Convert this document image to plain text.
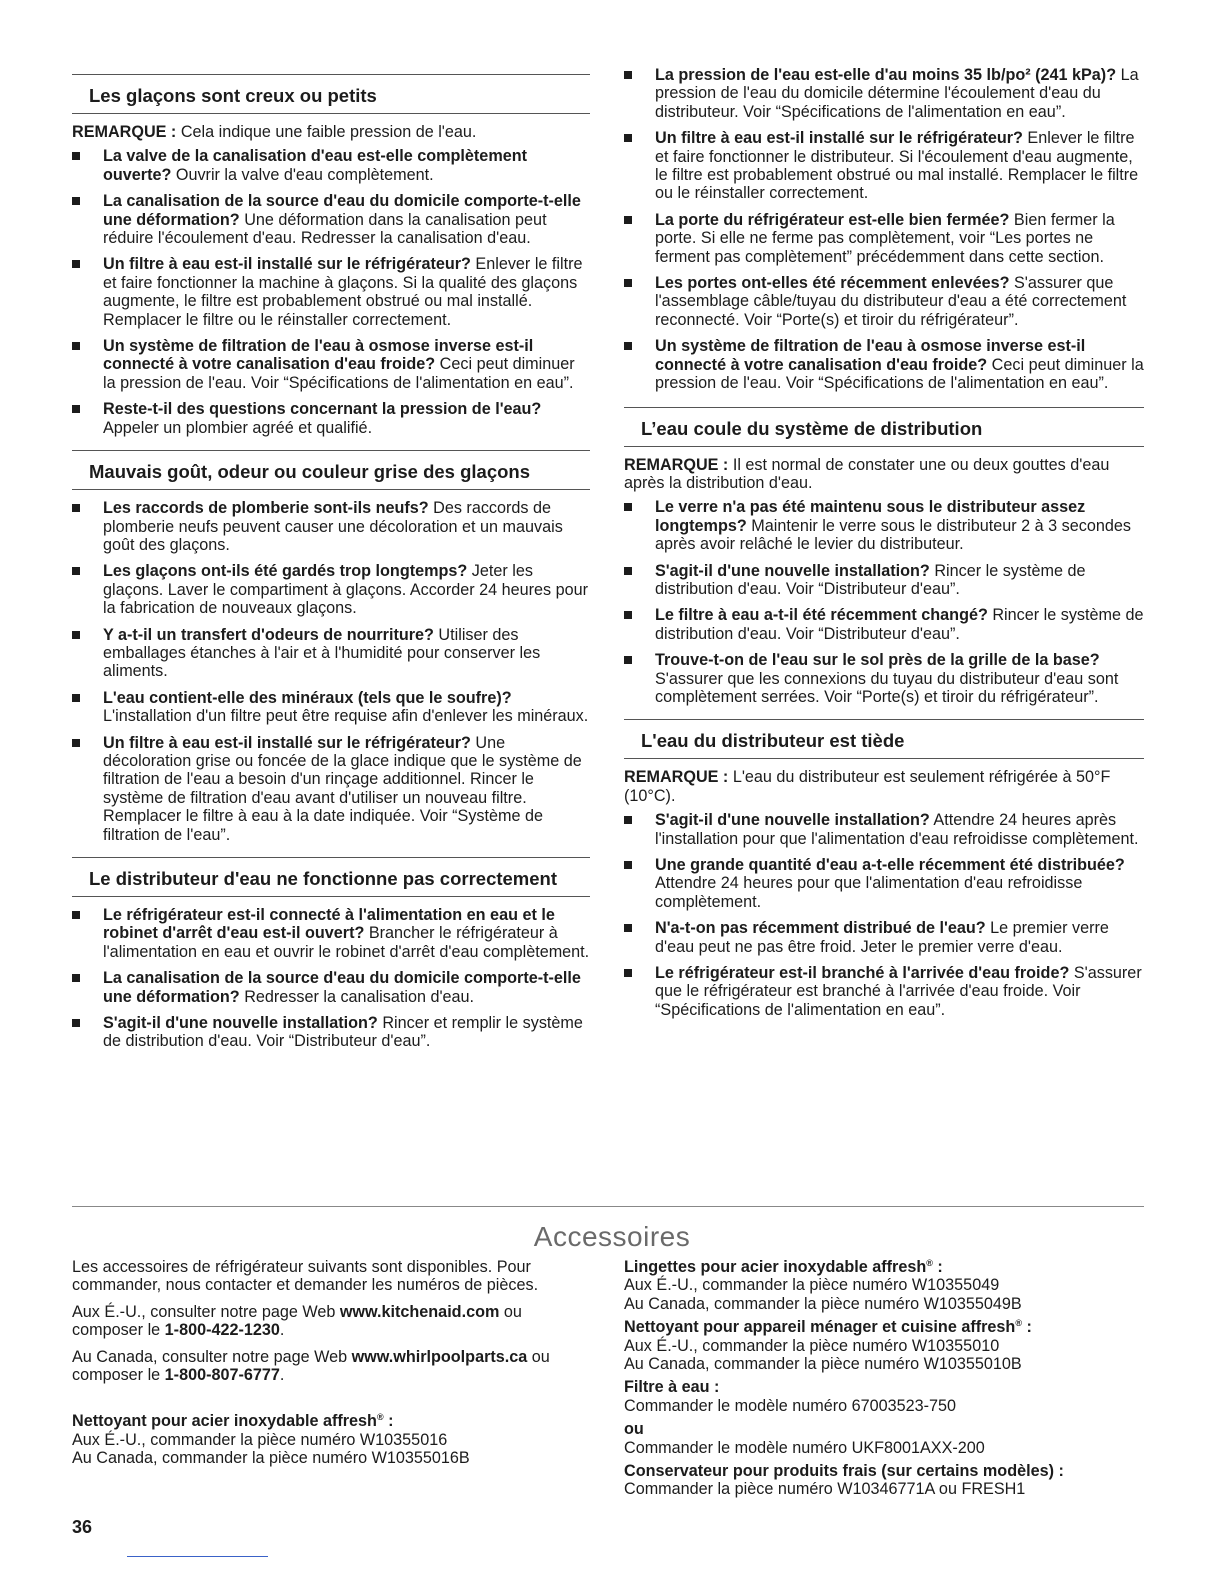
Les glaçons sont creux ou petits

REMARQUE : Cela indique une faible pression de l'eau.

La valve de la canalisation d'eau est-elle complètement ouverte? Ouvrir la valve d'eau complètement.
La canalisation de la source d'eau du domicile comporte-t-elle une déformation? Une déformation dans la canalisation peut réduire l'écoulement d'eau. Redresser la canalisation d'eau.
Un filtre à eau est-il installé sur le réfrigérateur? Enlever le filtre et faire fonctionner la machine à glaçons. Si la qualité des glaçons augmente, le filtre est probablement obstrué ou mal installé. Remplacer le filtre ou le réinstaller correctement.
Un système de filtration de l'eau à osmose inverse est-il connecté à votre canalisation d'eau froide? Ceci peut diminuer la pression de l'eau. Voir “Spécifications de l'alimentation en eau”.
Reste-t-il des questions concernant la pression de l'eau? Appeler un plombier agréé et qualifié.
Mauvais goût, odeur ou couleur grise des glaçons
Les raccords de plomberie sont-ils neufs? Des raccords de plomberie neufs peuvent causer une décoloration et un mauvais goût des glaçons.
Les glaçons ont-ils été gardés trop longtemps? Jeter les glaçons. Laver le compartiment à glaçons. Accorder 24 heures pour la fabrication de nouveaux glaçons.
Y a-t-il un transfert d'odeurs de nourriture? Utiliser des emballages étanches à l'air et à l'humidité pour conserver les aliments.
L'eau contient-elle des minéraux (tels que le soufre)? L'installation d'un filtre peut être requise afin d'enlever les minéraux.
Un filtre à eau est-il installé sur le réfrigérateur? Une décoloration grise ou foncée de la glace indique que le système de filtration de l'eau a besoin d'un rinçage additionnel. Rincer le système de filtration d'eau avant d'utiliser un nouveau filtre. Remplacer le filtre à eau à la date indiquée. Voir “Système de filtration de l'eau”.
Le distributeur d'eau ne fonctionne pas correctement
Le réfrigérateur est-il connecté à l'alimentation en eau et le robinet d'arrêt d'eau est-il ouvert? Brancher le réfrigérateur à l'alimentation en eau et ouvrir le robinet d'arrêt d'eau complètement.
La canalisation de la source d'eau du domicile comporte-t-elle une déformation? Redresser la canalisation d'eau.
S'agit-il d'une nouvelle installation? Rincer et remplir le système de distribution d'eau. Voir “Distributeur d'eau”.
La pression de l'eau est-elle d'au moins 35 lb/po² (241 kPa)? La pression de l'eau du domicile détermine l'écoulement d'eau du distributeur. Voir “Spécifications de l'alimentation en eau”.
Un filtre à eau est-il installé sur le réfrigérateur? Enlever le filtre et faire fonctionner le distributeur. Si l'écoulement d'eau augmente, le filtre est probablement obstrué ou mal installé. Remplacer le filtre ou le réinstaller correctement.
La porte du réfrigérateur est-elle bien fermée? Bien fermer la porte. Si elle ne ferme pas complètement, voir “Les portes ne ferment pas complètement” précédemment dans cette section.
Les portes ont-elles été récemment enlevées? S'assurer que l'assemblage câble/tuyau du distributeur d'eau a été correctement reconnecté. Voir “Porte(s) et tiroir du réfrigérateur”.
Un système de filtration de l'eau à osmose inverse est-il connecté à votre canalisation d'eau froide? Ceci peut diminuer la pression de l'eau. Voir “Spécifications de l'alimentation en eau”.
L’eau coule du système de distribution

REMARQUE : Il est normal de constater une ou deux gouttes d'eau après la distribution d'eau.

Le verre n'a pas été maintenu sous le distributeur assez longtemps? Maintenir le verre sous le distributeur 2 à 3 secondes après avoir relâché le levier du distributeur.
S'agit-il d'une nouvelle installation? Rincer le système de distribution d'eau. Voir “Distributeur d'eau”.
Le filtre à eau a-t-il été récemment changé? Rincer le système de distribution d'eau. Voir “Distributeur d'eau”.
Trouve-t-on de l'eau sur le sol près de la grille de la base? S'assurer que les connexions du tuyau du distributeur d'eau sont complètement serrées. Voir “Porte(s) et tiroir du réfrigérateur”.
L'eau du distributeur est tiède

REMARQUE : L'eau du distributeur est seulement réfrigérée à 50°F (10°C).

S'agit-il d'une nouvelle installation? Attendre 24 heures après l'installation pour que l'alimentation d'eau refroidisse complètement.
Une grande quantité d'eau a-t-elle récemment été distribuée? Attendre 24 heures pour que l'alimentation d'eau refroidisse complètement.
N'a-t-on pas récemment distribué de l'eau? Le premier verre d'eau peut ne pas être froid. Jeter le premier verre d'eau.
Le réfrigérateur est-il branché à l'arrivée d'eau froide? S'assurer que le réfrigérateur est branché à l'arrivée d'eau froide. Voir “Spécifications de l'alimentation en eau”.
Accessoires

Les accessoires de réfrigérateur suivants sont disponibles. Pour commander, nous contacter et demander les numéros de pièces.

Aux É.-U., consulter notre page Web www.kitchenaid.com ou composer le 1-800-422-1230.

Au Canada, consulter notre page Web www.whirlpoolparts.ca ou composer le 1-800-807-6777.

Nettoyant pour acier inoxydable affresh® :
Aux É.-U., commander la pièce numéro W10355016
Au Canada, commander la pièce numéro W10355016B
Lingettes pour acier inoxydable affresh® :
Aux É.-U., commander la pièce numéro W10355049
Au Canada, commander la pièce numéro W10355049B
Nettoyant pour appareil ménager et cuisine affresh® :
Aux É.-U., commander la pièce numéro W10355010
Au Canada, commander la pièce numéro W10355010B
Filtre à eau :
Commander le modèle numéro 67003523-750
ou
Commander le modèle numéro UKF8001AXX-200
Conservateur pour produits frais (sur certains modèles) :
Commander la pièce numéro W10346771A ou FRESH1
36
